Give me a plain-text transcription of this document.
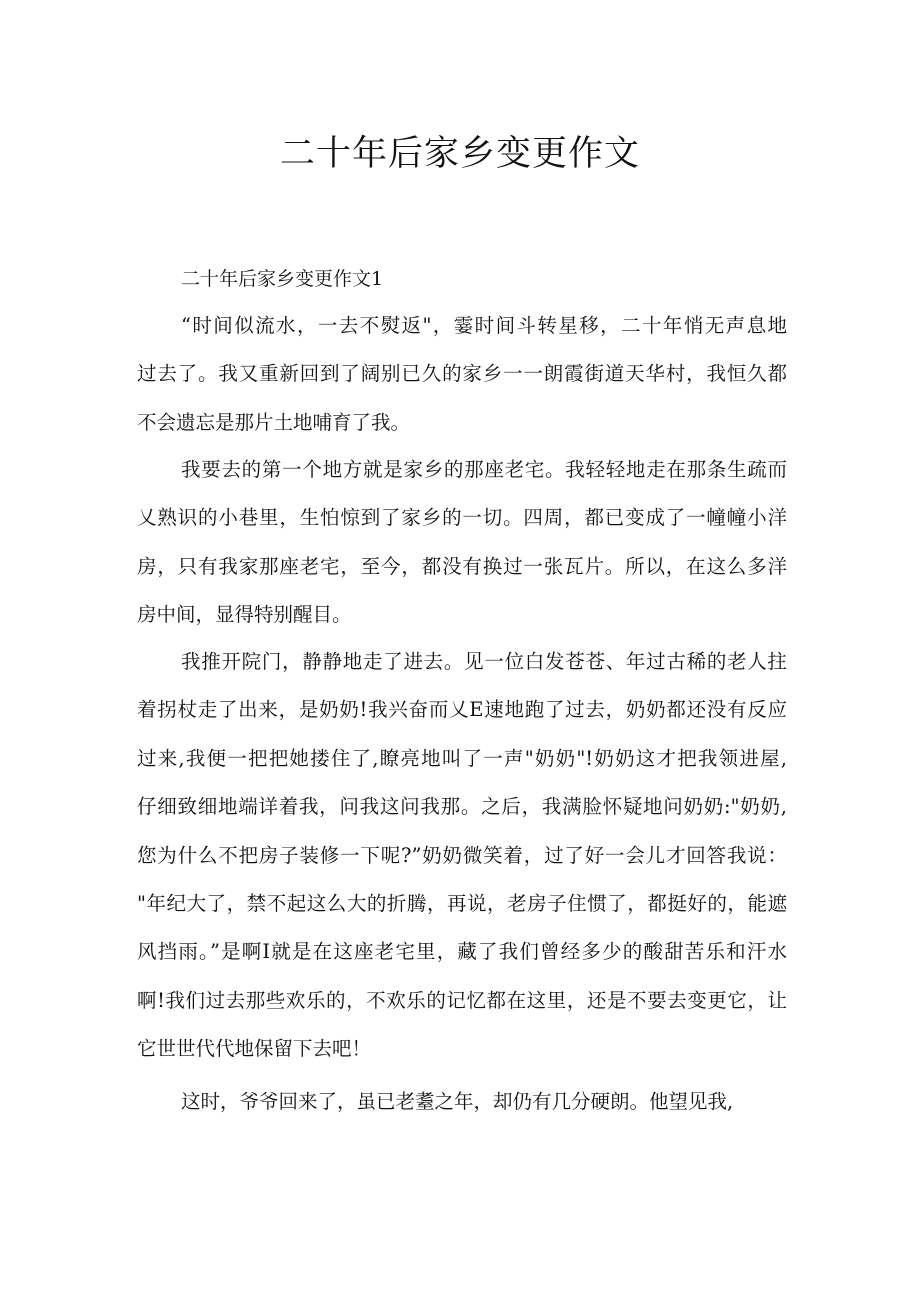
二十年后家乡变更作文

二十年后家乡变更作文1

“时间似流水，一去不熨返"，霎时间斗转星移，二十年悄无声息地
过去了。我又重新回到了阔别已久的家乡一一朗霞街道天华村，我恒久都
不会遗忘是那片土地哺育了我。
我要去的第一个地方就是家乡的那座老宅。我轻轻地走在那条生疏而
乂熟识的小巷里，生怕惊到了家乡的一切。四周，都已变成了一幢幢小洋
房，只有我家那座老宅，至今，都没有换过一张瓦片。所以，在这么多洋
房中间，显得特别醒目。
我推开院门，静静地走了进去。见一位白发苍苍、年过古稀的老人拄
着拐杖走了出来，是奶奶!我兴奋而乂E速地跑了过去，奶奶都还没有反应
过来,我便一把把她搂住了,瞭亮地叫了一声"奶奶"!奶奶这才把我领进屋,
仔细致细地端详着我，问我这问我那。之后，我满脸怀疑地问奶奶:"奶奶,
您为什么不把房子装修一下呢?”奶奶微笑着，过了好一会儿才回答我说：
"年纪大了，禁不起这么大的折腾，再说，老房子住惯了，都挺好的，能遮
风挡雨。”是啊I就是在这座老宅里，藏了我们曾经多少的酸甜苦乐和汗水
啊!我们过去那些欢乐的，不欢乐的记忆都在这里，还是不要去变更它，让
它世世代代地保留下去吧！
这时，爷爷回来了，虽已老耋之年，却仍有几分硬朗。他望见我,
